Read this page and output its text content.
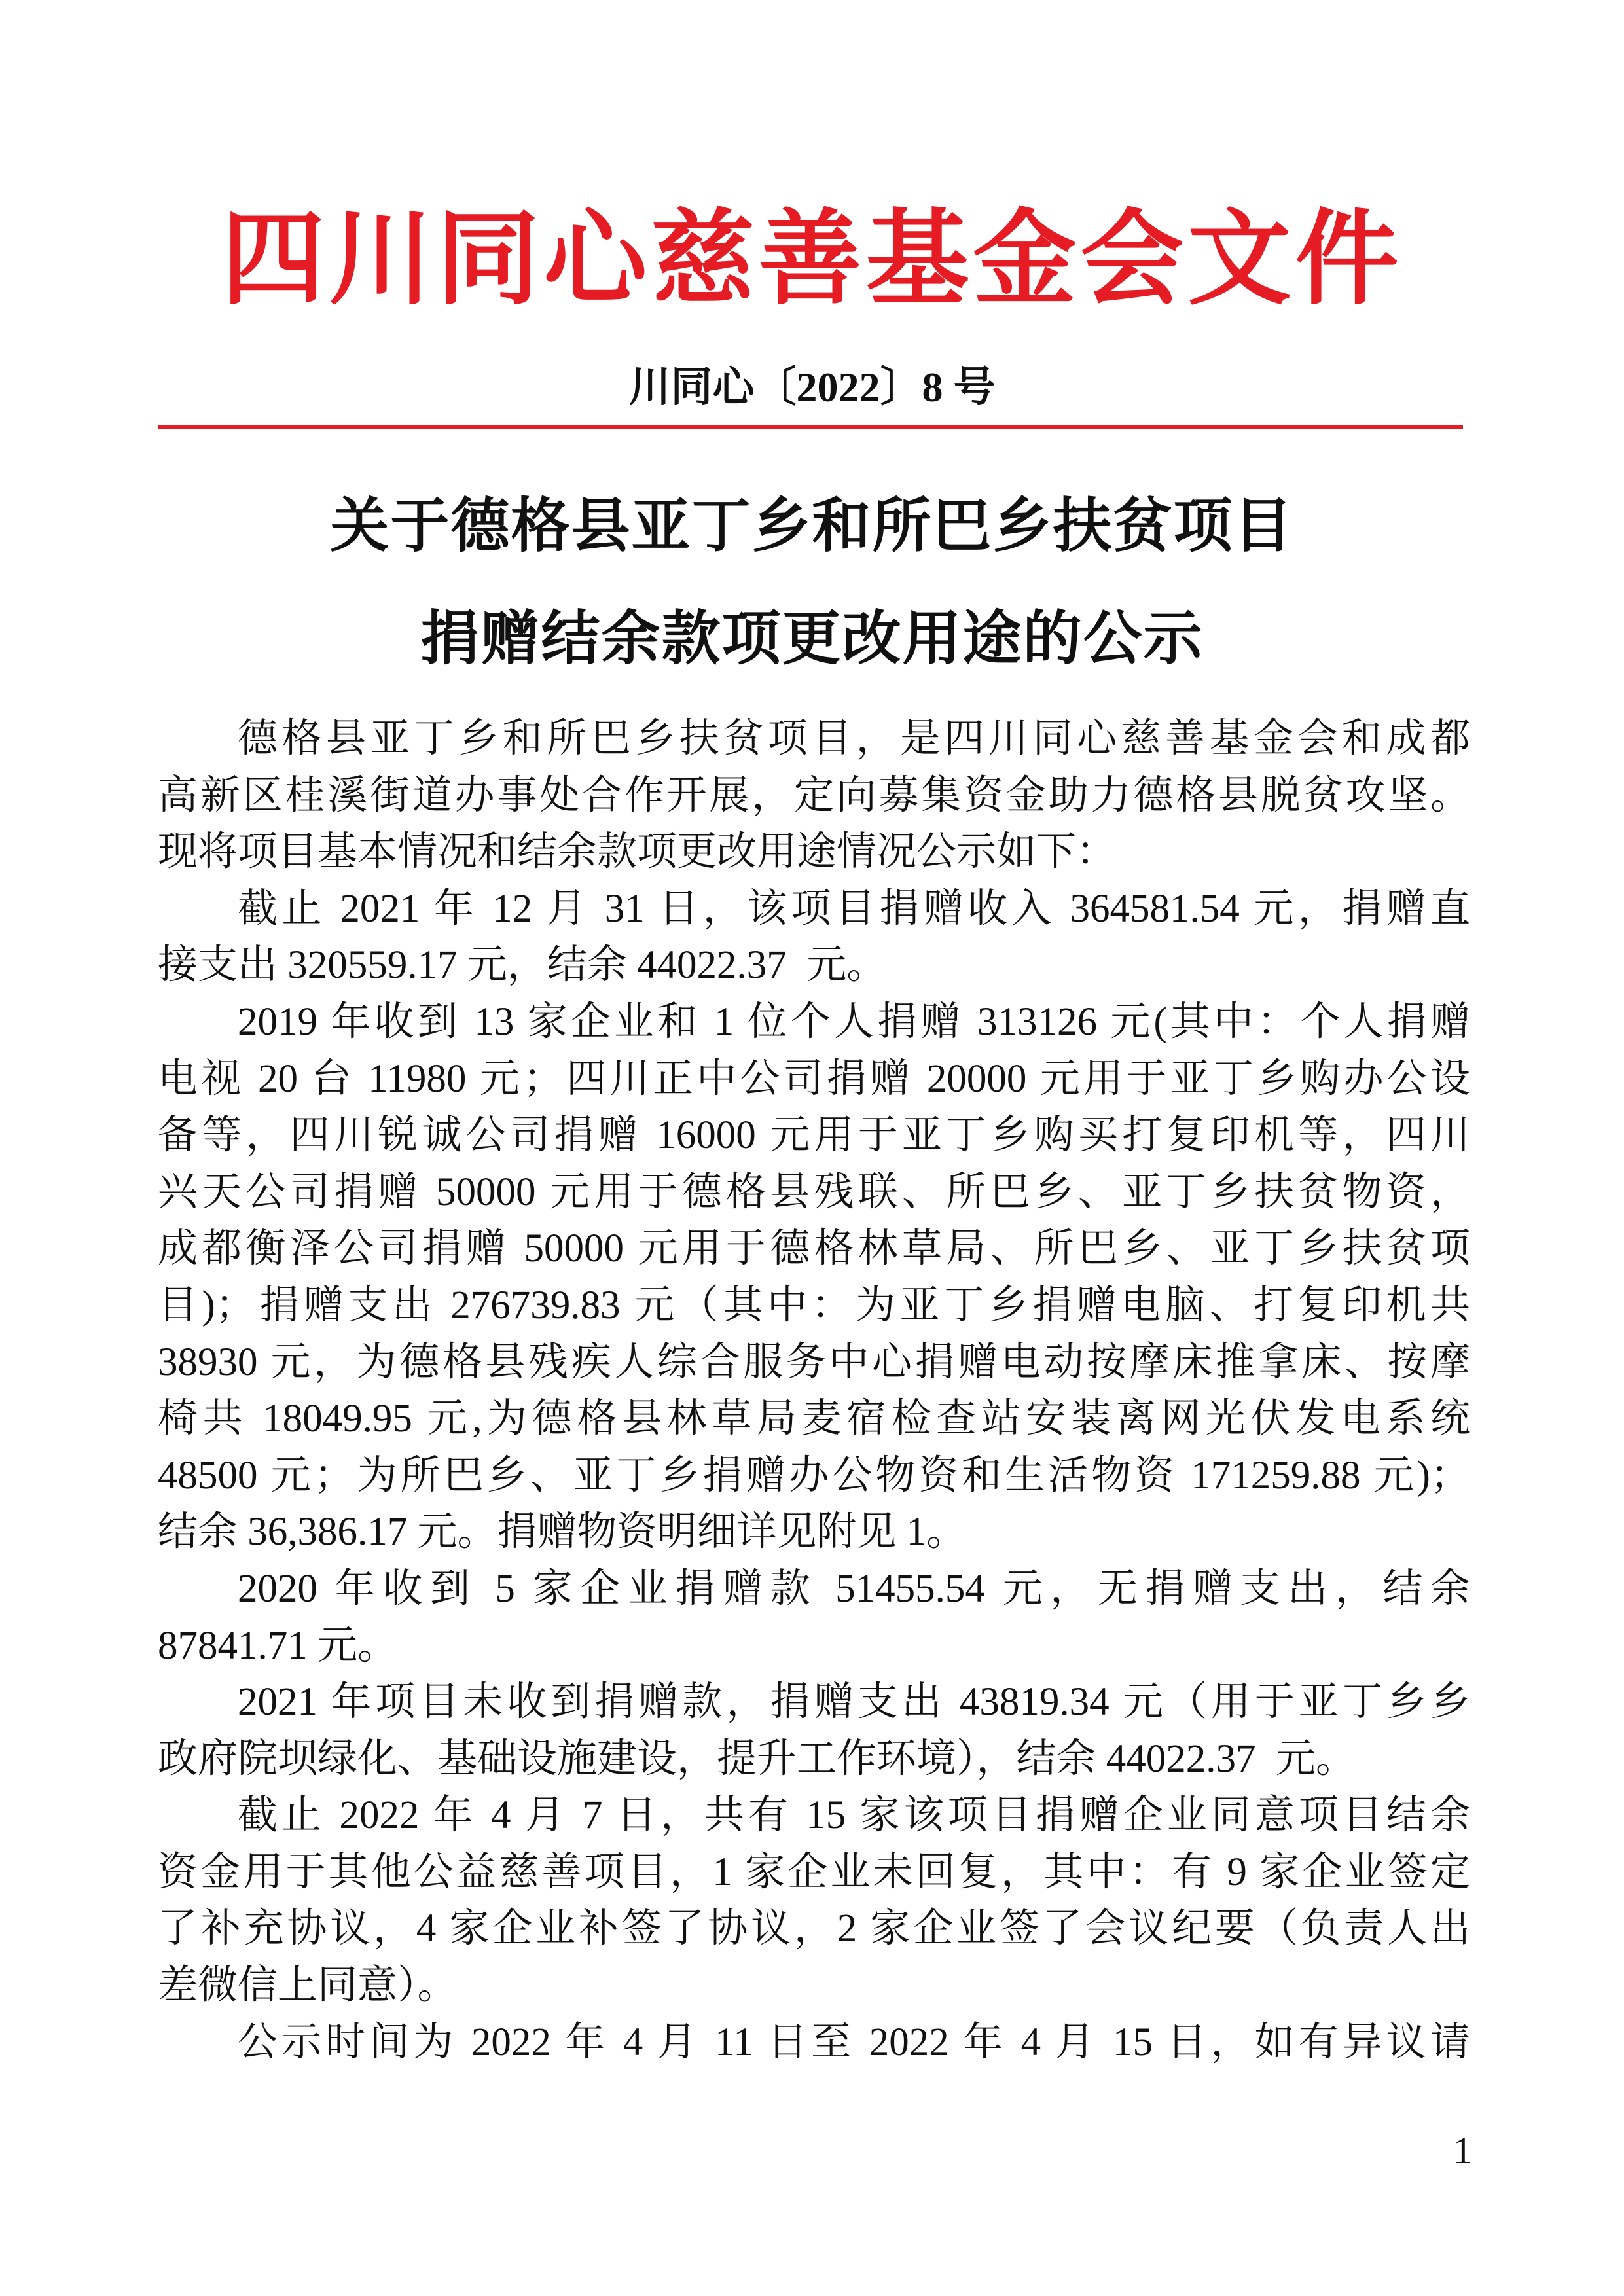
四川同心慈善基金会文件
川同心〔2022〕8 号
关于德格县亚丁乡和所巴乡扶贫项目
捐赠结余款项更改用途的公示
德格县亚丁乡和所巴乡扶贫项目，是四川同心慈善基金会和成都
高新区桂溪街道办事处合作开展，定向募集资金助力德格县脱贫攻坚。
现将项目基本情况和结余款项更改用途情况公示如下：
截止 2021 年 12 月 31 日，该项目捐赠收入 364581.54 元，捐赠直
接支出 320559.17 元，结余 44022.37  元。
2019 年收到 13 家企业和 1 位个人捐赠 313126 元(其中：个人捐赠
电视 20 台 11980 元；四川正中公司捐赠 20000 元用于亚丁乡购办公设
备等，四川锐诚公司捐赠 16000 元用于亚丁乡购买打复印机等，四川
兴天公司捐赠 50000 元用于德格县残联、所巴乡、亚丁乡扶贫物资，
成都衡泽公司捐赠 50000 元用于德格林草局、所巴乡、亚丁乡扶贫项
目)；捐赠支出 276739.83 元（其中：为亚丁乡捐赠电脑、打复印机共
38930 元，为德格县残疾人综合服务中心捐赠电动按摩床推拿床、按摩
椅共 18049.95 元,为德格县林草局麦宿检查站安装离网光伏发电系统
48500 元；为所巴乡、亚丁乡捐赠办公物资和生活物资 171259.88 元)；
结余 36,386.17 元。捐赠物资明细详见附见 1。
2020 年收到 5 家企业捐赠款 51455.54 元，无捐赠支出，结余
87841.71 元。
2021 年项目未收到捐赠款，捐赠支出 43819.34 元（用于亚丁乡乡
政府院坝绿化、基础设施建设，提升工作环境），结余 44022.37  元。
截止 2022 年 4 月 7 日，共有 15 家该项目捐赠企业同意项目结余
资金用于其他公益慈善项目，1 家企业未回复，其中：有 9 家企业签定
了补充协议，4 家企业补签了协议，2 家企业签了会议纪要（负责人出
差微信上同意）。
公示时间为 2022 年 4 月 11 日至 2022 年 4 月 15 日，如有异议请
1
